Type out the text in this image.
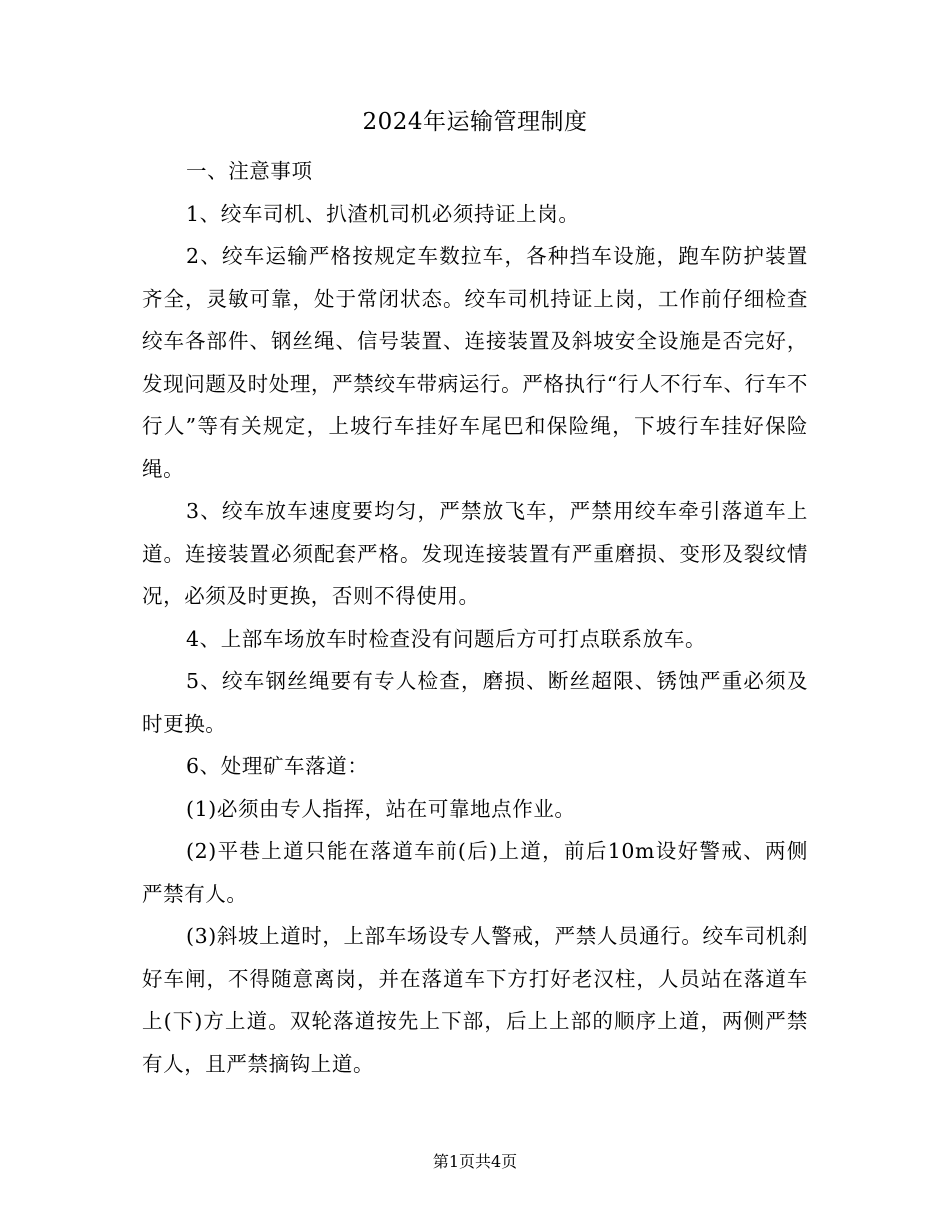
2024年运输管理制度

一、注意事项

1、绞车司机、扒渣机司机必须持证上岗。

2、绞车运输严格按规定车数拉车，各种挡车设施，跑车防护装置齐全，灵敏可靠，处于常闭状态。绞车司机持证上岗，工作前仔细检查绞车各部件、钢丝绳、信号装置、连接装置及斜坡安全设施是否完好，发现问题及时处理，严禁绞车带病运行。严格执行“行人不行车、行车不行人”等有关规定，上坡行车挂好车尾巴和保险绳，下坡行车挂好保险绳。

3、绞车放车速度要均匀，严禁放飞车，严禁用绞车牵引落道车上道。连接装置必须配套严格。发现连接装置有严重磨损、变形及裂纹情况，必须及时更换，否则不得使用。

4、上部车场放车时检查没有问题后方可打点联系放车。

5、绞车钢丝绳要有专人检查，磨损、断丝超限、锈蚀严重必须及时更换。

6、处理矿车落道：

(1)必须由专人指挥，站在可靠地点作业。

(2)平巷上道只能在落道车前(后)上道，前后10m设好警戒、两侧严禁有人。

(3)斜坡上道时，上部车场设专人警戒，严禁人员通行。绞车司机刹好车闸，不得随意离岗，并在落道车下方打好老汉柱，人员站在落道车上(下)方上道。双轮落道按先上下部，后上上部的顺序上道，两侧严禁有人，且严禁摘钩上道。

第1页共4页
